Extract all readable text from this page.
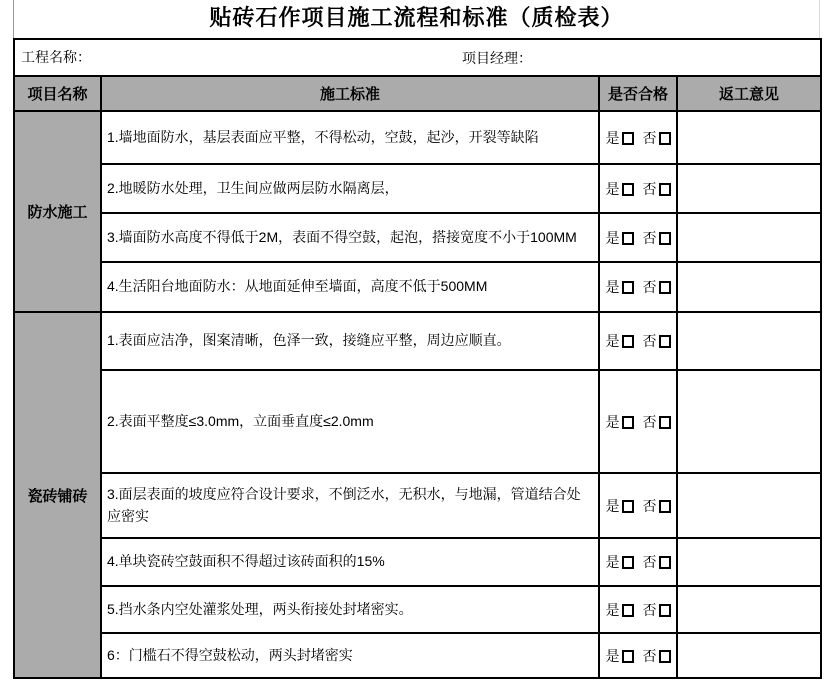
贴砖石作项目施工流程和标准（质检表）
工程名称： 项目经理：			

项目名称	施工标准	是否合格	返工意见
防水施工	1.墙地面防水，基层表面应平整，不得松动，空鼓，起沙，开裂等缺陷	是 否	
	2.地暖防水处理，卫生间应做两层防水隔离层，	是 否	
	3.墙面防水高度不得低于2M，表面不得空鼓，起泡，搭接宽度不小于100MM	是 否	
	4.生活阳台地面防水：从地面延伸至墙面，高度不低于500MM	是 否	
瓷砖铺砖	1.表面应洁净，图案清晰，色泽一致，接缝应平整，周边应顺直。	是 否	
	2.表面平整度≤3.0mm，立面垂直度≤2.0mm	是 否	
	3.面层表面的坡度应符合设计要求，不倒泛水，无积水，与地漏，管道结合处应密实	是 否	
	4.单块瓷砖空鼓面积不得超过该砖面积的15%	是 否	
	5.挡水条内空处灌浆处理，两头衔接处封堵密实。	是 否	
	6：门槛石不得空鼓松动，两头封堵密实	是 否	
